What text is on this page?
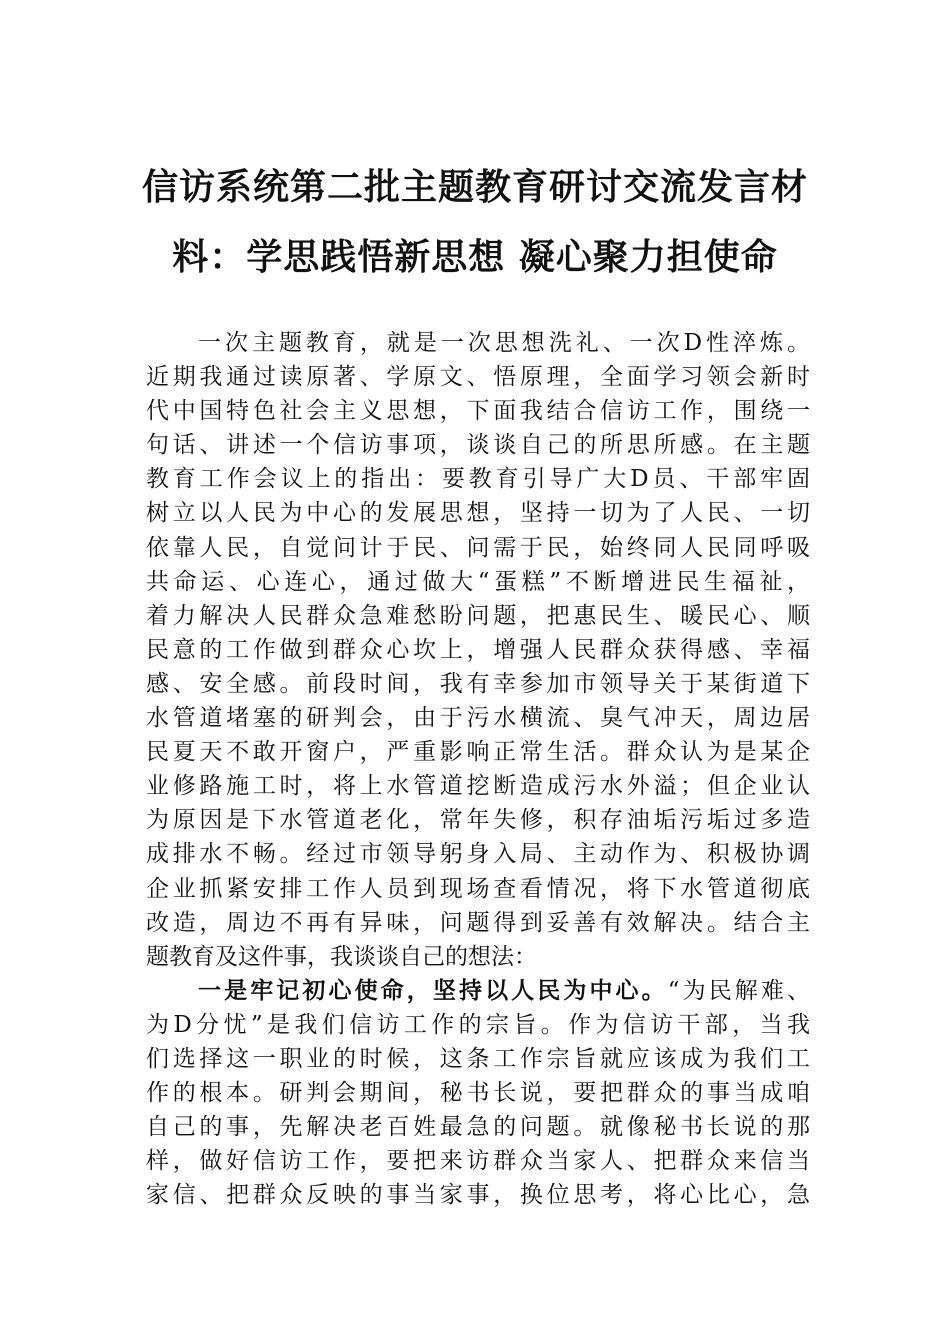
信访系统第二批主题教育研讨交流发言材
料：学思践悟新思想 凝心聚力担使命
一次主题教育，就是一次思想洗礼、一次D性淬炼。
近期我通过读原著、学原文、悟原理，全面学习领会新时
代中国特色社会主义思想，下面我结合信访工作，围绕一
句话、讲述一个信访事项，谈谈自己的所思所感。在主题
教育工作会议上的指出：要教育引导广大D员、干部牢固
树立以人民为中心的发展思想，坚持一切为了人民、一切
依靠人民，自觉问计于民、问需于民，始终同人民同呼吸
共命运、心连心，通过做大“蛋糕”不断增进民生福祉，
着力解决人民群众急难愁盼问题，把惠民生、暖民心、顺
民意的工作做到群众心坎上，增强人民群众获得感、幸福
感、安全感。前段时间，我有幸参加市领导关于某街道下
水管道堵塞的研判会，由于污水横流、臭气冲天，周边居
民夏天不敢开窗户，严重影响正常生活。群众认为是某企
业修路施工时，将上水管道挖断造成污水外溢；但企业认
为原因是下水管道老化，常年失修，积存油垢污垢过多造
成排水不畅。经过市领导躬身入局、主动作为、积极协调
企业抓紧安排工作人员到现场查看情况，将下水管道彻底
改造，周边不再有异味，问题得到妥善有效解决。结合主
题教育及这件事，我谈谈自己的想法：
一是牢记初心使命，坚持以人民为中心。“为民解难、
为D分忧”是我们信访工作的宗旨。作为信访干部，当我
们选择这一职业的时候，这条工作宗旨就应该成为我们工
作的根本。研判会期间，秘书长说，要把群众的事当成咱
自己的事，先解决老百姓最急的问题。就像秘书长说的那
样，做好信访工作，要把来访群众当家人、把群众来信当
家信、把群众反映的事当家事，换位思考，将心比心，急
